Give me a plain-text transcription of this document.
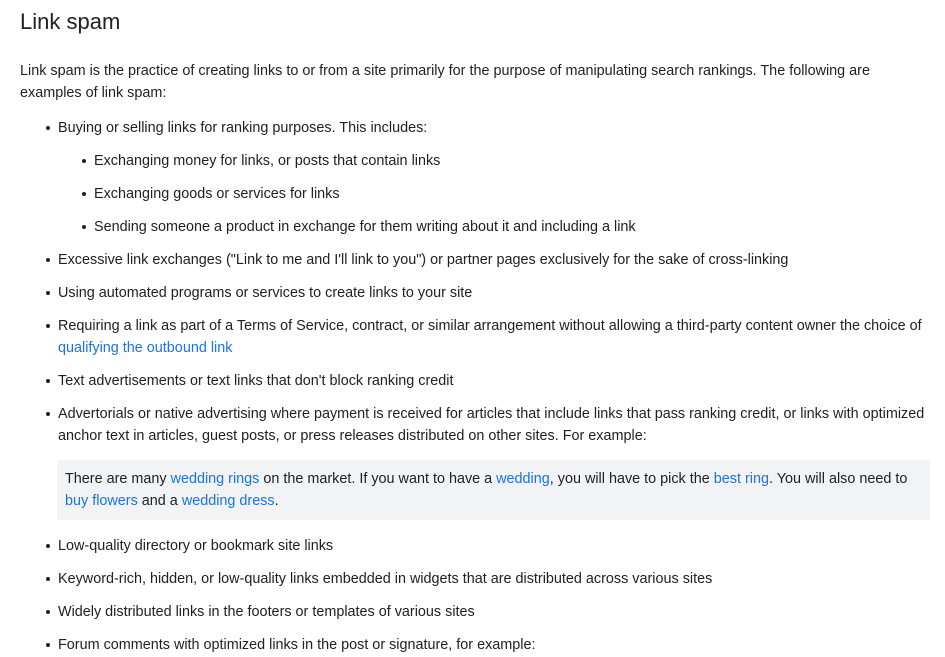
Link spam

Link spam is the practice of creating links to or from a site primarily for the purpose of manipulating search rankings. The following are examples of link spam:

Buying or selling links for ranking purposes. This includes:
Exchanging money for links, or posts that contain links
Exchanging goods or services for links
Sending someone a product in exchange for them writing about it and including a link
Excessive link exchanges ("Link to me and I'll link to you") or partner pages exclusively for the sake of cross-linking
Using automated programs or services to create links to your site
Requiring a link as part of a Terms of Service, contract, or similar arrangement without allowing a third-party content owner the choice of qualifying the outbound link
Text advertisements or text links that don't block ranking credit
Advertorials or native advertising where payment is received for articles that include links that pass ranking credit, or links with optimized anchor text in articles, guest posts, or press releases distributed on other sites. For example:

There are many wedding rings on the market. If you want to have a wedding, you will have to pick the best ring. You will also need to buy flowers and a wedding dress.

Low-quality directory or bookmark site links
Keyword-rich, hidden, or low-quality links embedded in widgets that are distributed across various sites
Widely distributed links in the footers or templates of various sites
Forum comments with optimized links in the post or signature, for example:
